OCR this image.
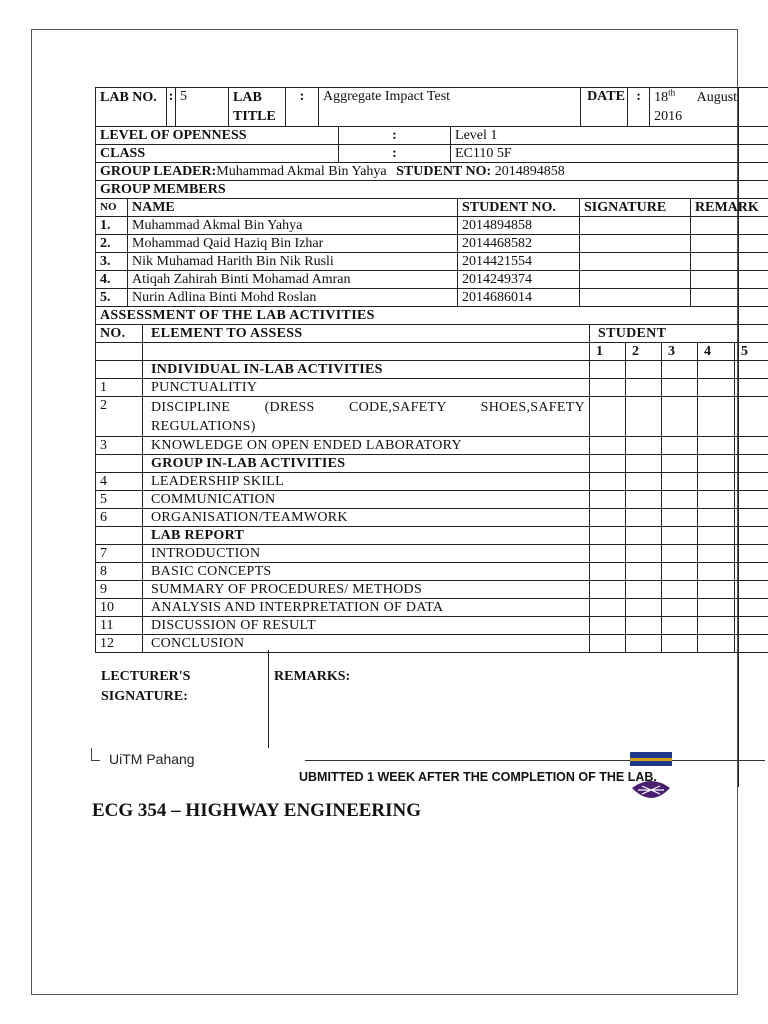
LAB NO.	:	5	LAB TITLE	:	Aggregate Impact Test			DATE	:	18th August
2016
LEVEL OF OPENNESS						:	Level 1			
CLASS						:	EC110 5F			
GROUP LEADER:Muhammad Akmal Bin Yahya STUDENT NO: 2014894858										
GROUP MEMBERS										
NO	NAME	STUDENT NO.	SIGNATURE	REMARK
1.	Muhammad Akmal Bin Yahya	2014894858		
2.	Mohammad Qaid Haziq Bin Izhar	2014468582		
3.	Nik Muhamad Harith Bin Nik Rusli	2014421554		
4.	Atiqah Zahirah Binti Mohamad Amran	2014249374		
5.	Nurin Adlina Binti Mohd Roslan	2014686014		
ASSESSMENT OF THE LAB ACTIVITIES						
NO.	ELEMENT TO ASSESS	STUDENT				
		1	2	3	4	5
	INDIVIDUAL IN-LAB ACTIVITIES					
1	PUNCTUALITIY					
2	DISCIPLINE (DRESS CODE,SAFETY SHOES,SAFETY REGULATIONS)					
3	KNOWLEDGE ON OPEN ENDED LABORATORY					
	GROUP IN-LAB ACTIVITIES					
4	LEADERSHIP SKILL					
5	COMMUNICATION					
6	ORGANISATION/TEAMWORK					
	LAB REPORT					
7	INTRODUCTION					
8	BASIC CONCEPTS					
9	SUMMARY OF PROCEDURES/ METHODS					
10	ANALYSIS AND INTERPRETATION OF DATA					
11	DISCUSSION OF RESULT					
12	CONCLUSION					
LECTURER'S
SIGNATURE:
REMARKS:
UiTM Pahang
UBMITTED 1 WEEK AFTER THE COMPLETION OF THE LAB.
ECG 354 – HIGHWAY ENGINEERING
